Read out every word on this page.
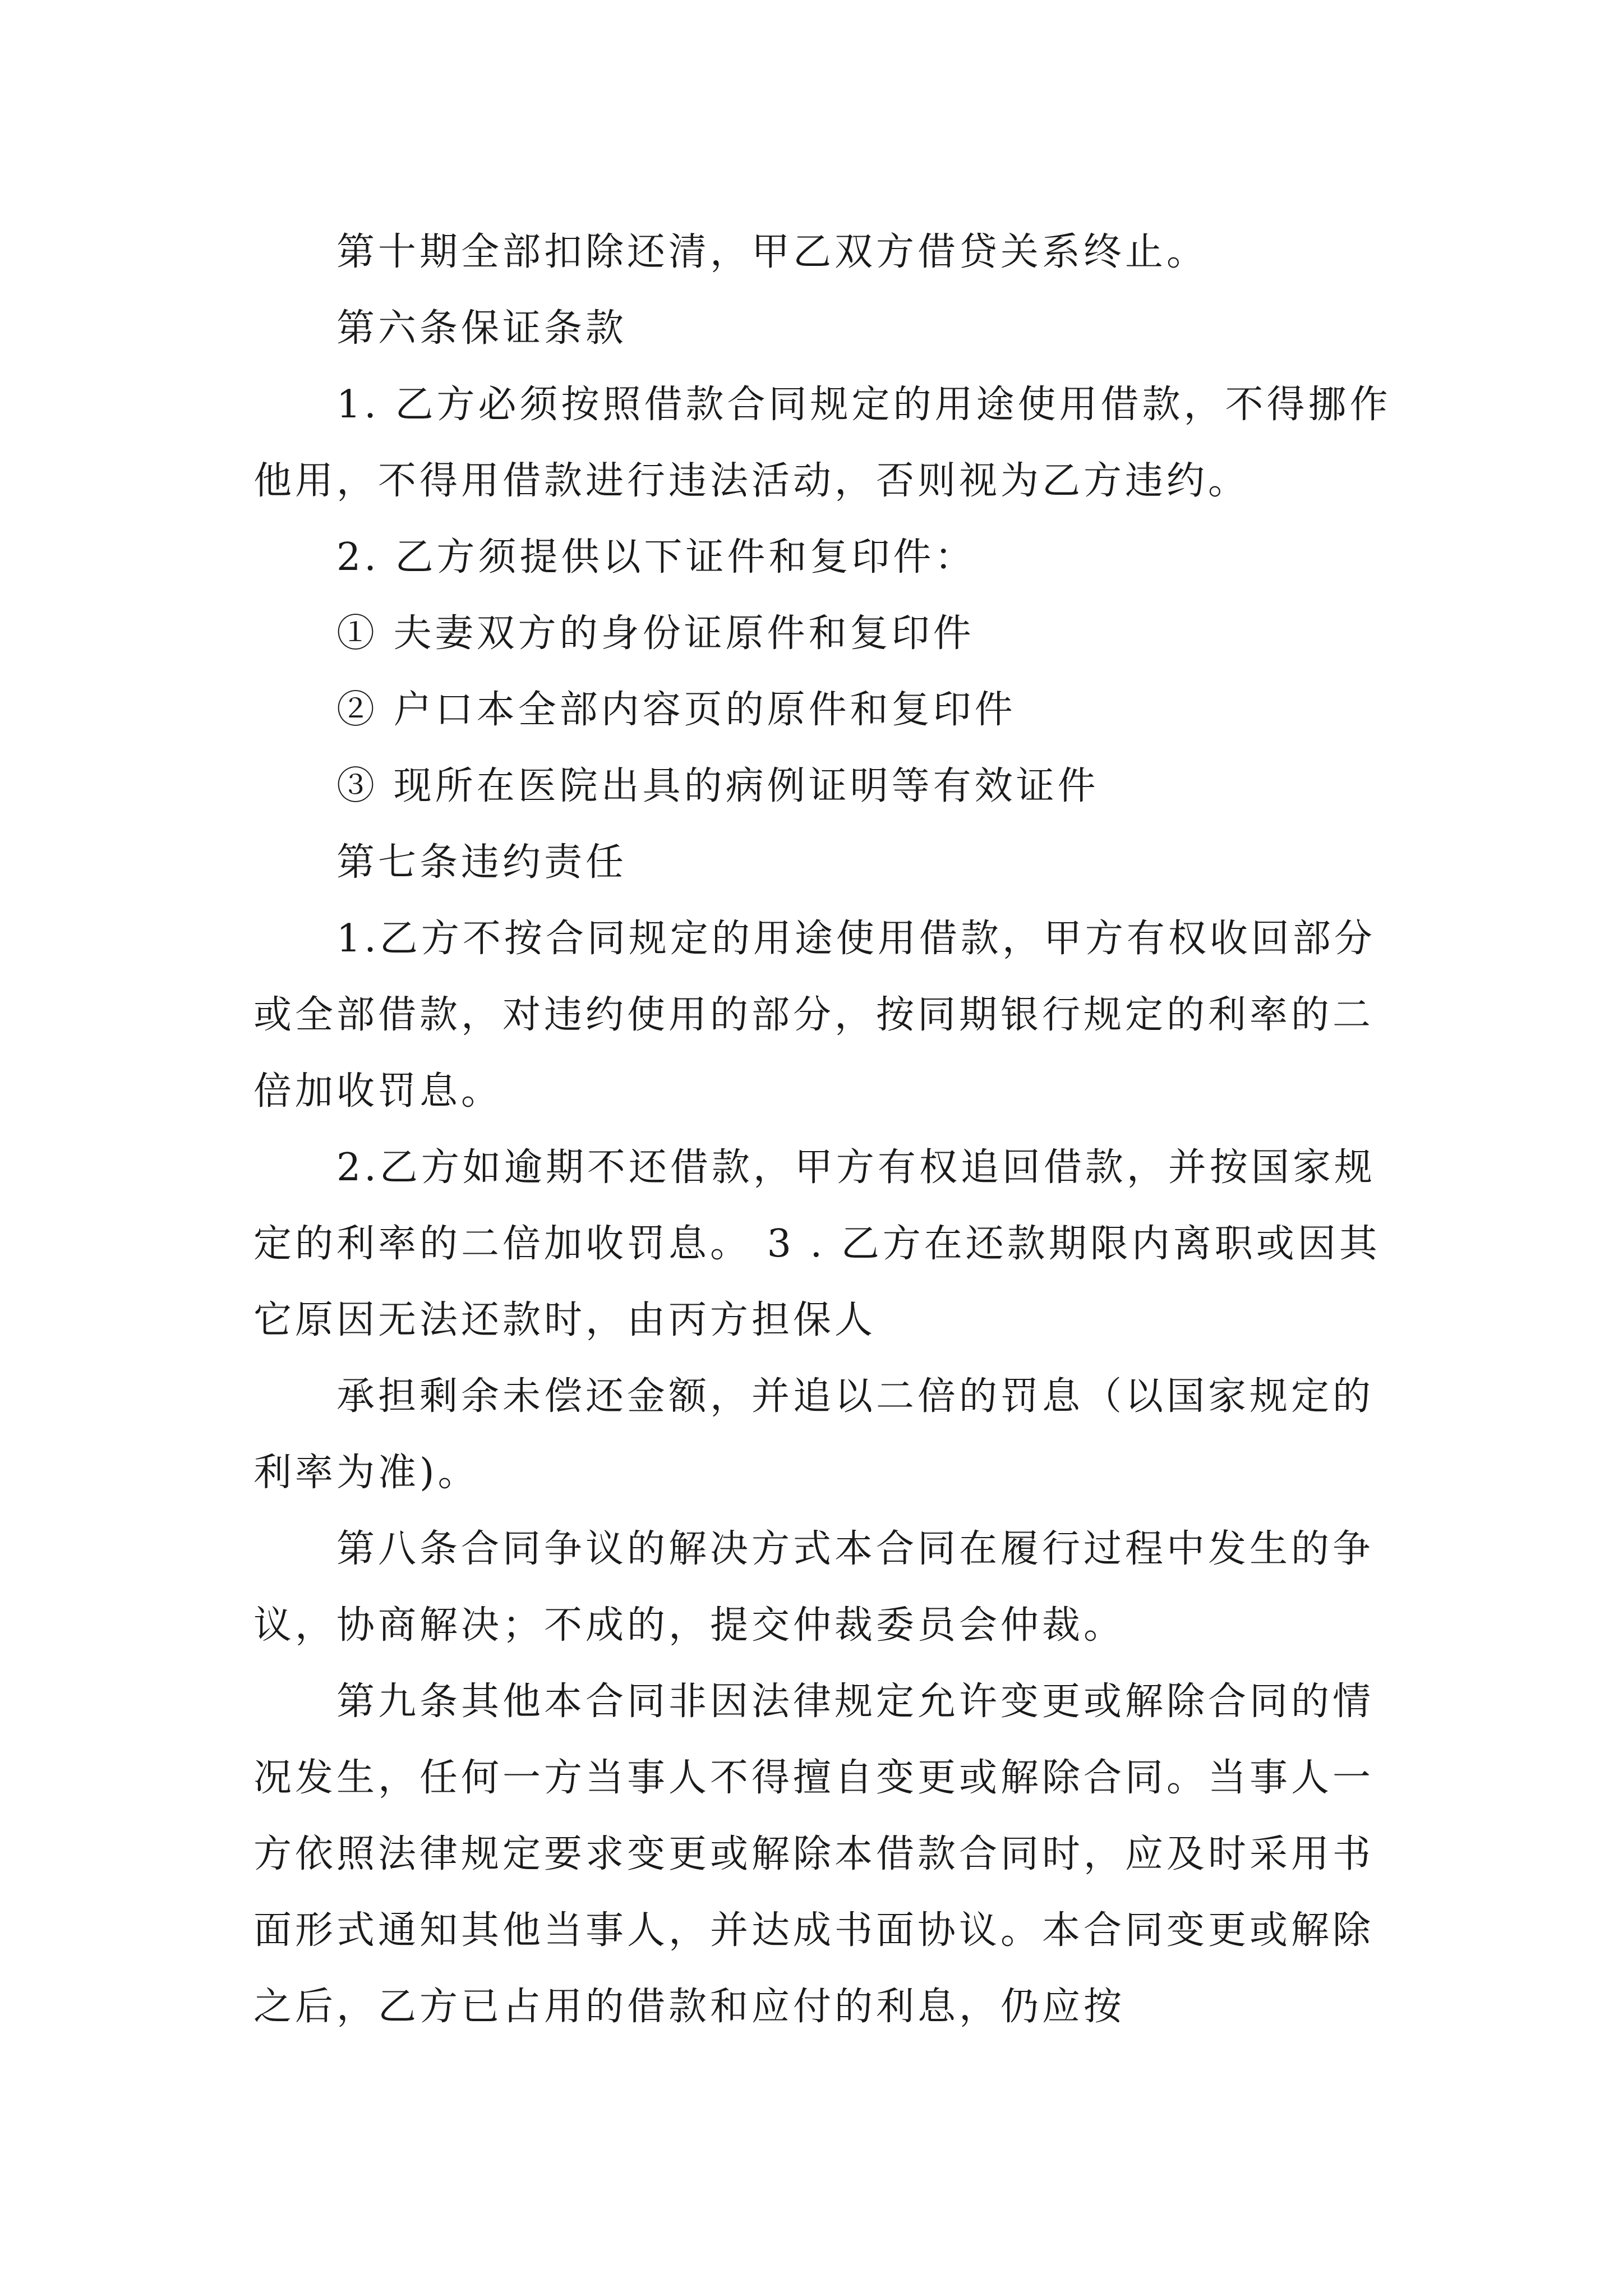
第十期全部扣除还清，甲乙双方借贷关系终止。

第六条保证条款

1. 乙方必须按照借款合同规定的用途使用借款，不得挪作他用，不得用借款进行违法活动，否则视为乙方违约。

2. 乙方须提供以下证件和复印件：

① 夫妻双方的身份证原件和复印件

② 户口本全部内容页的原件和复印件

③ 现所在医院出具的病例证明等有效证件

第七条违约责任

1.乙方不按合同规定的用途使用借款，甲方有权收回部分或全部借款，对违约使用的部分，按同期银行规定的利率的二倍加收罚息。

2.乙方如逾期不还借款，甲方有权追回借款，并按国家规定的利率的二倍加收罚息。 3 . 乙方在还款期限内离职或因其它原因无法还款时，由丙方担保人

承担剩余未偿还金额，并追以二倍的罚息（以国家规定的利率为准)。

第八条合同争议的解决方式本合同在履行过程中发生的争议，协商解决；不成的，提交仲裁委员会仲裁。

第九条其他本合同非因法律规定允许变更或解除合同的情况发生，任何一方当事人不得擅自变更或解除合同。当事人一方依照法律规定要求变更或解除本借款合同时，应及时采用书面形式通知其他当事人，并达成书面协议。本合同变更或解除之后，乙方已占用的借款和应付的利息，仍应按
